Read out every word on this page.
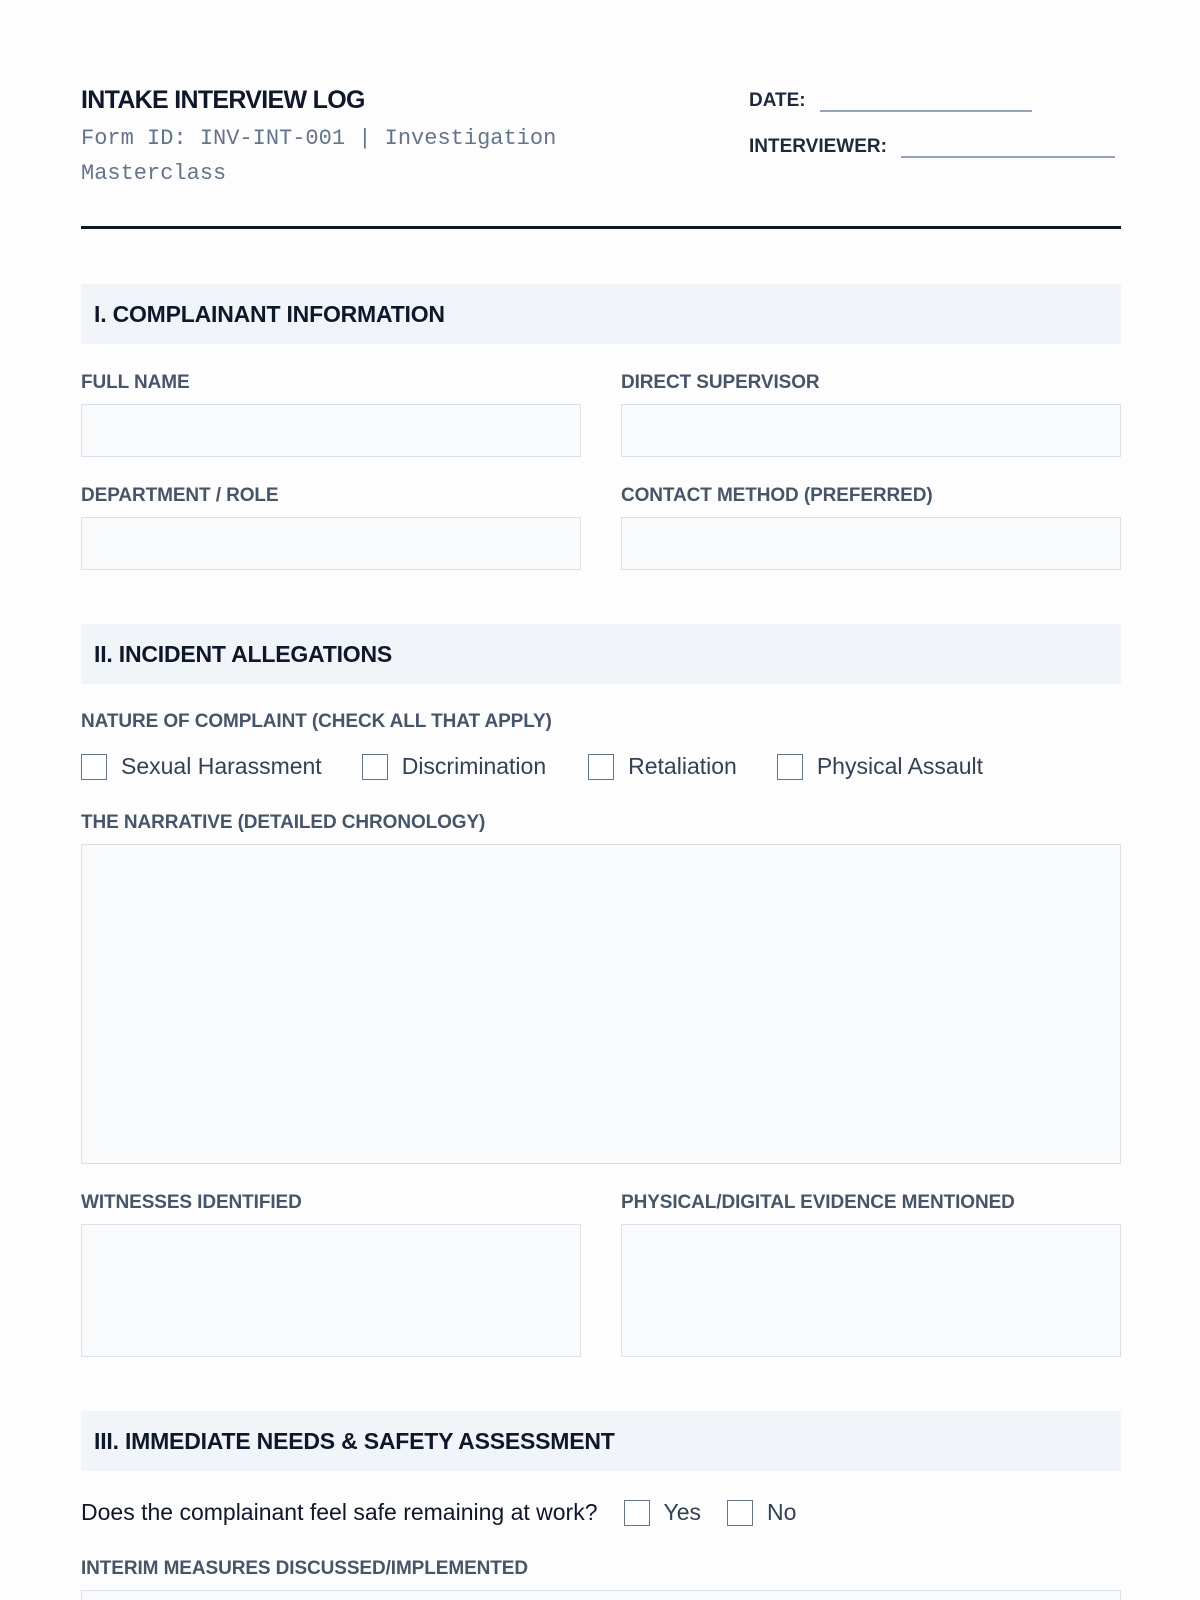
INTAKE INTERVIEW LOG
Form ID: INV-INT-001 | Investigation Masterclass
DATE:
INTERVIEWER:
I. COMPLAINANT INFORMATION
FULL NAME	DIRECT SUPERVISOR
DEPARTMENT / ROLE	CONTACT METHOD (PREFERRED)
II. INCIDENT ALLEGATIONS
NATURE OF COMPLAINT (CHECK ALL THAT APPLY)
Sexual Harassment	Discrimination	Retaliation	Physical Assault
THE NARRATIVE (DETAILED CHRONOLOGY)
WITNESSES IDENTIFIED	PHYSICAL/DIGITAL EVIDENCE MENTIONED
III. IMMEDIATE NEEDS & SAFETY ASSESSMENT
Does the complainant feel safe remaining at work?	Yes	No
INTERIM MEASURES DISCUSSED/IMPLEMENTED
